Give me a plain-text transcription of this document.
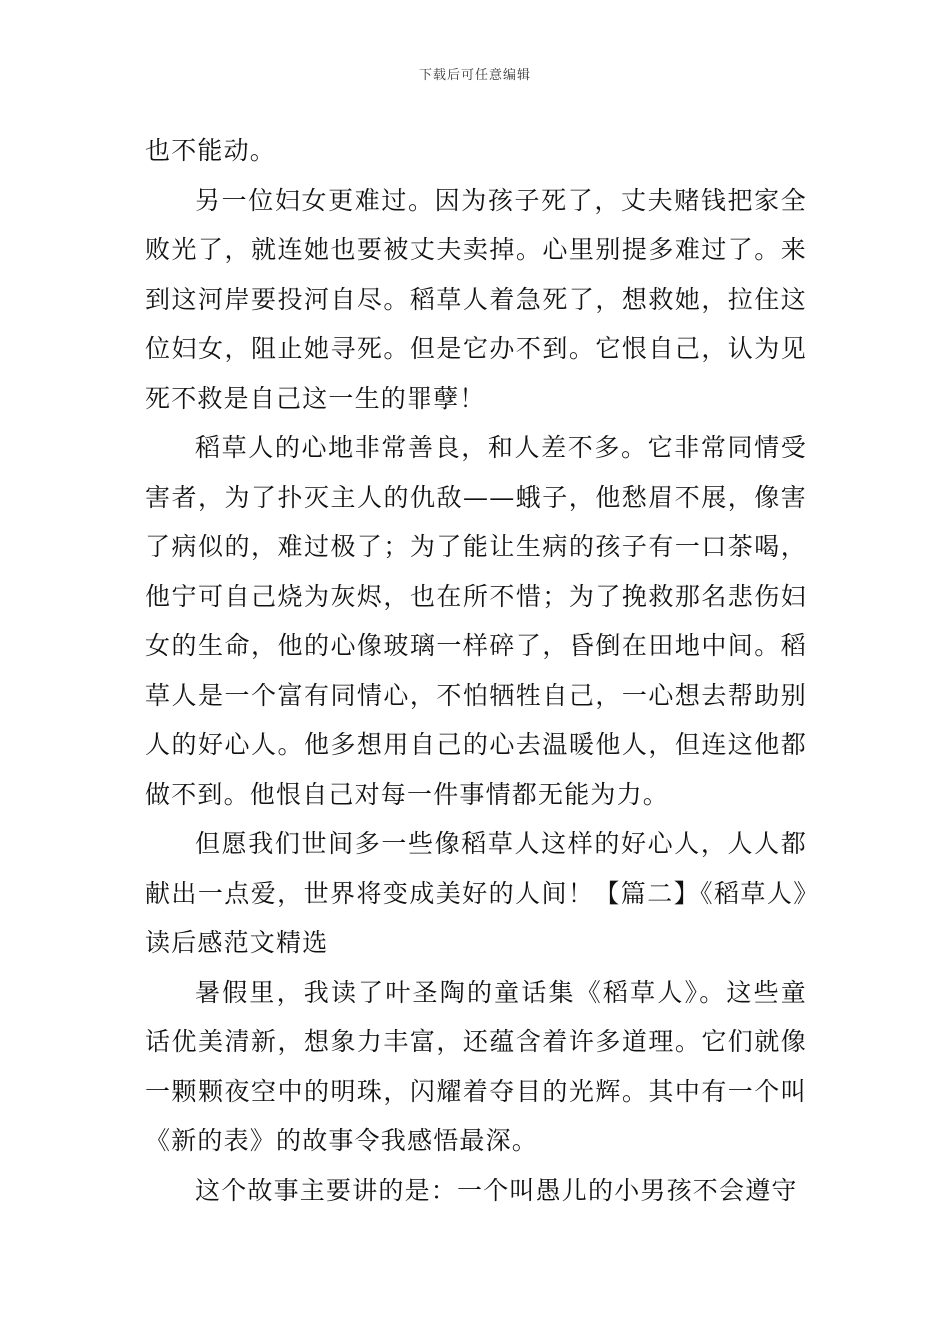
下载后可任意编辑

也不能动。

另一位妇女更难过。因为孩子死了，丈夫赌钱把家全败光了，就连她也要被丈夫卖掉。心里别提多难过了。来到这河岸要投河自尽。稻草人着急死了，想救她，拉住这位妇女，阻止她寻死。但是它办不到。它恨自己，认为见死不救是自己这一生的罪孽！

稻草人的心地非常善良，和人差不多。它非常同情受害者，为了扑灭主人的仇敌——蛾子，他愁眉不展，像害了病似的，难过极了；为了能让生病的孩子有一口茶喝，他宁可自己烧为灰烬，也在所不惜；为了挽救那名悲伤妇女的生命，他的心像玻璃一样碎了，昏倒在田地中间。稻草人是一个富有同情心，不怕牺牲自己，一心想去帮助别人的好心人。他多想用自己的心去温暖他人，但连这他都做不到。他恨自己对每一件事情都无能为力。

但愿我们世间多一些像稻草人这样的好心人，人人都献出一点爱，世界将变成美好的人间！【篇二】《稻草人》读后感范文精选

暑假里，我读了叶圣陶的童话集《稻草人》。这些童话优美清新，想象力丰富，还蕴含着许多道理。它们就像一颗颗夜空中的明珠，闪耀着夺目的光辉。其中有一个叫《新的表》的故事令我感悟最深。

这个故事主要讲的是：一个叫愚儿的小男孩不会遵守
